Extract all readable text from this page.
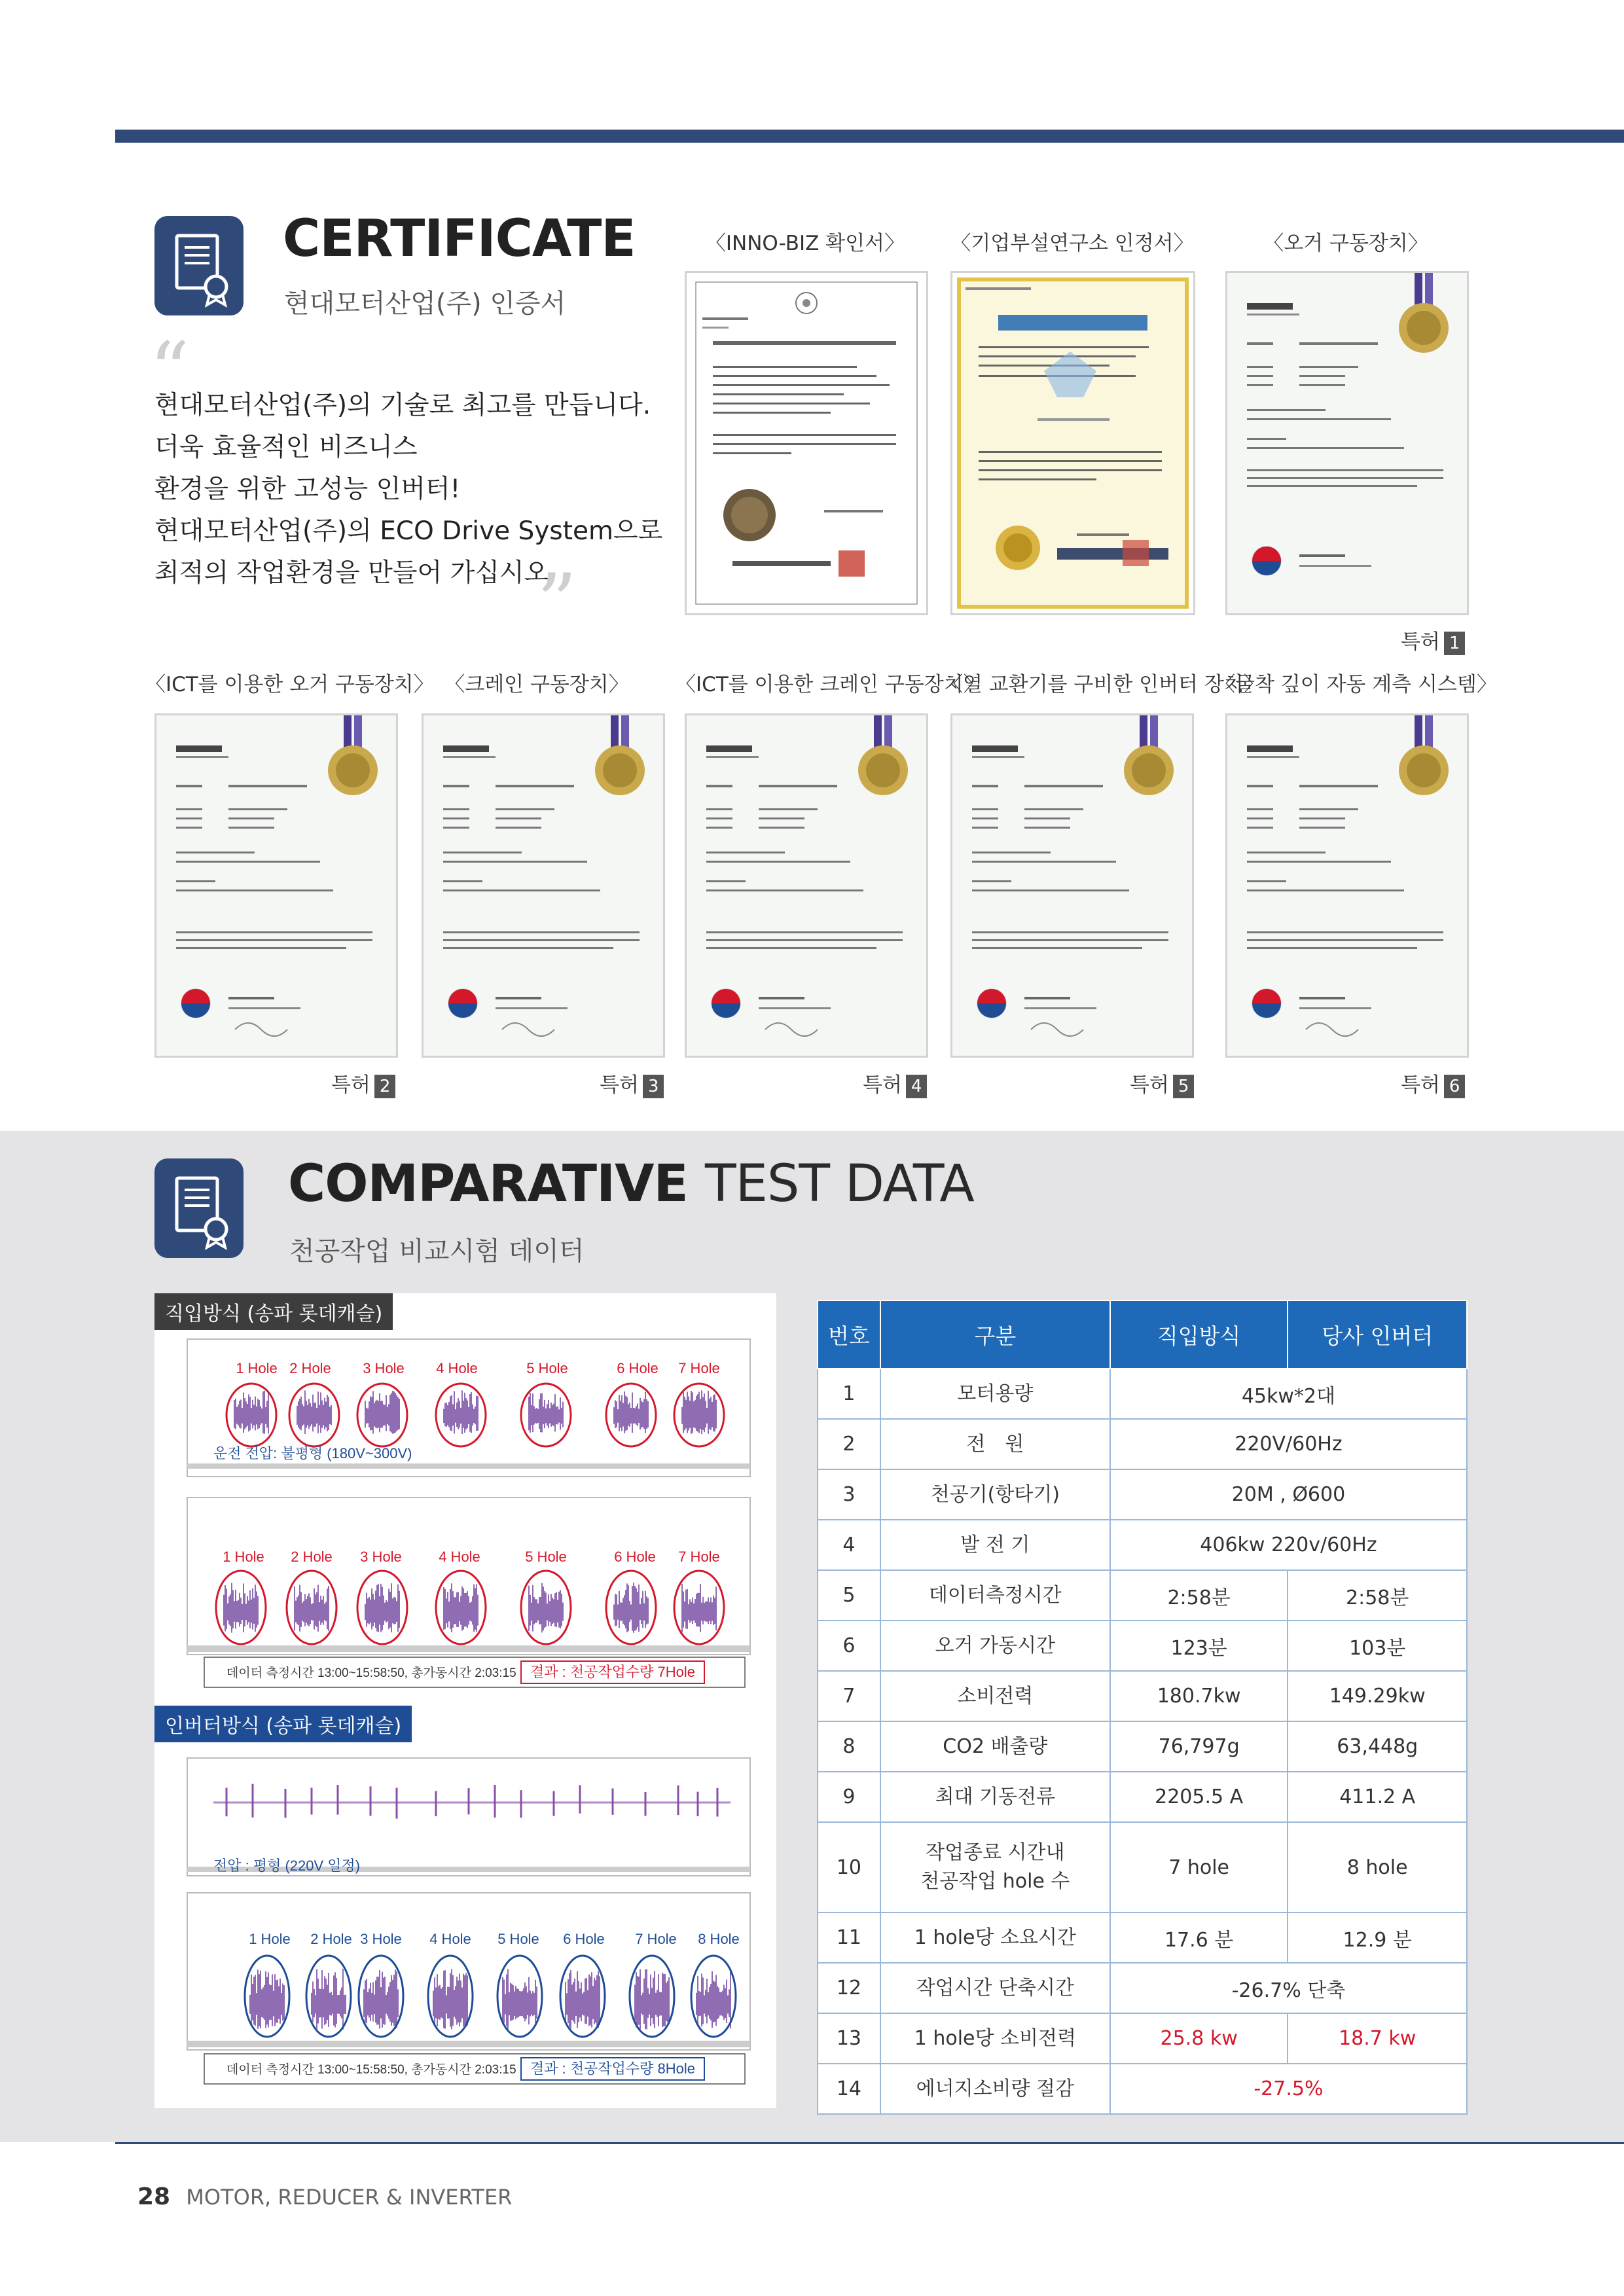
CERTIFICATE
현대모터산업(주) 인증서
“
현대모터산업(주)의 기술로 최고를 만듭니다.
더욱 효율적인 비즈니스
환경을 위한 고성능 인버터!
현대모터산업(주)의 ECO Drive System으로
최적의 작업환경을 만들어 가십시오.
”
〈INNO-BIZ 확인서〉	〈기업부설연구소 인정서〉	〈오거 구동장치〉
특허 1
〈ICT를 이용한 오거 구동장치〉 〈크레인 구동장치〉	〈ICT를 이용한 크레인 구동장치〉
〈열 교환기를 구비한 인버터 장치〉
〈굴착 깊이 자동 계측 시스템〉
특허 2	특허 3	특허 4	특허 5	특허 6
COMPARATIVE TEST DATA
천공작업 비교시험 데이터
직입방식 (송파 롯데캐슬)
1 Hole 2 Hole 3 Hole 4 Hole	5 Hole	6 Hole 7 Hole
운전 전압: 불평형 (180V~300V)
1 Hole 2 Hole 3 Hole	4 Hole	5 Hole	6 Hole 7 Hole
데이터 측정시간 13:00~15:58:50, 총가동시간 2:03:15 결과 : 천공작업수량 7Hole
전압 : 평형 (220V 일정)
1 Hole 2 Hole 3 Hole 4 Hole 5 Hole 6 Hole 7 Hole 8 Hole
데이터 측정시간 13:00~15:58:50, 총가동시간 2:03:15 결과 : 천공작업수량 8Hole
인버터방식 (송파 롯데캐슬)
번호	구분	직입방식	당사 인버터
1	모터용량	45kw*2대	
2	전　원	220V/60Hz	
3	천공기(항타기)	20M , Ø600	
4	발 전 기	406kw 220v/60Hz	
5	데이터측정시간	2:58분	2:58분
6	오거 가동시간	123분	103분
7	소비전력	180.7kw	149.29kw
8	CO2 배출량	76,797g	63,448g
9	최대 기동전류	2205.5 A	411.2 A
10	작업종료 시간내
천공작업 hole 수	7 hole	8 hole
11	1 hole당 소요시간	17.6 분	12.9 분
12	작업시간 단축시간	-26.7% 단축	
13	1 hole당 소비전력	25.8 kw	18.7 kw
14	에너지소비량 절감	-27.5%	
28 MOTOR, REDUCER & INVERTER
